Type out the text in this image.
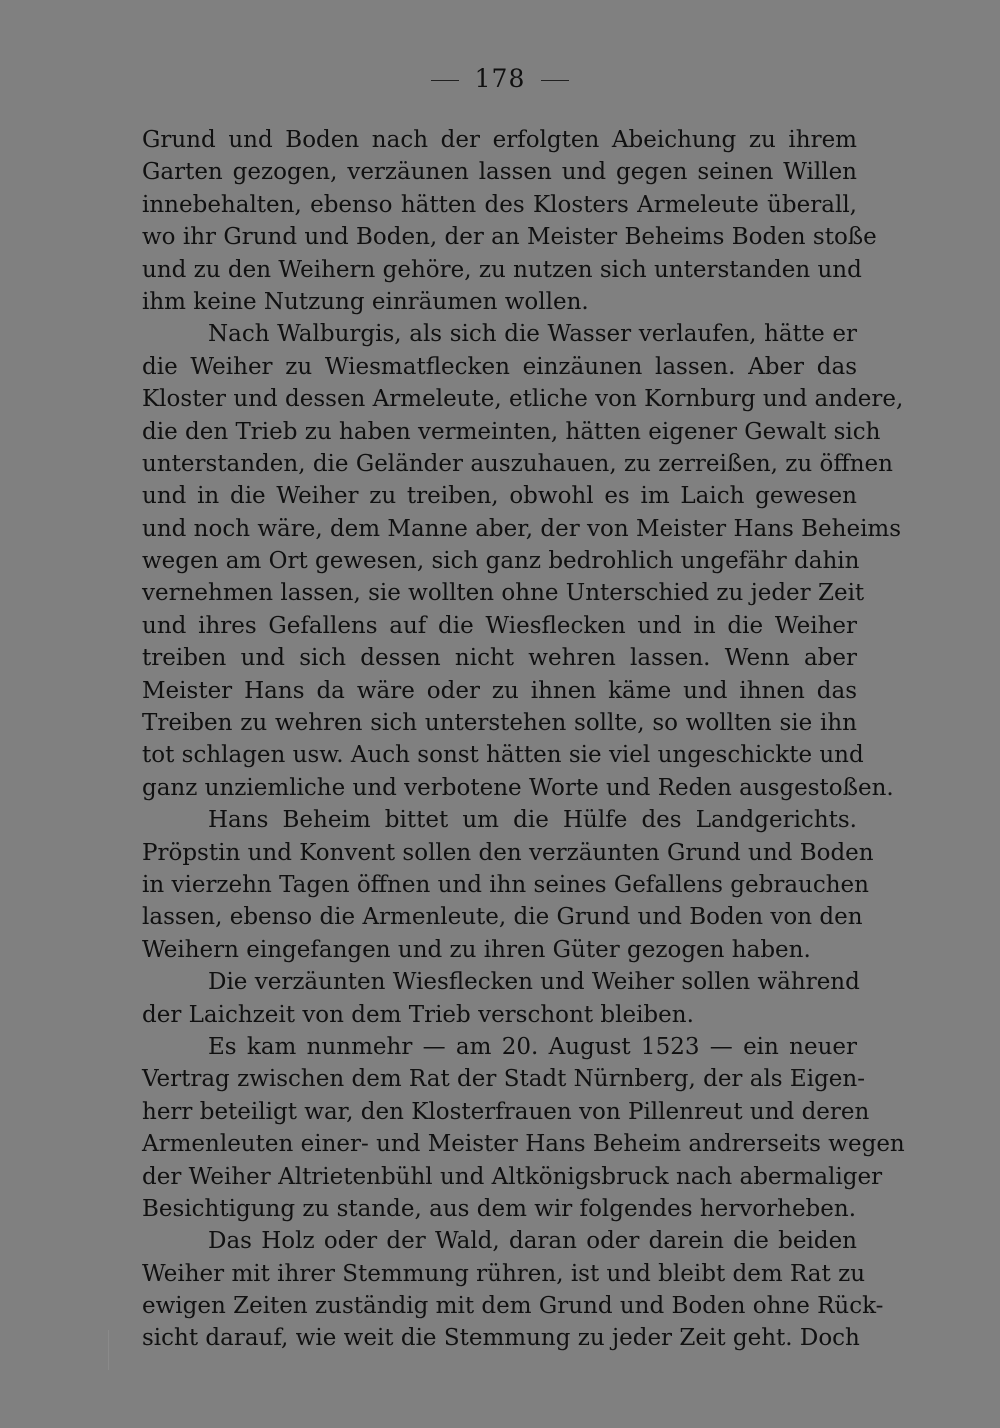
178
Grund und Boden nach der erfolgten Abeichung zu ihrem
Garten gezogen, verzäunen lassen und gegen seinen Willen
innebehalten, ebenso hätten des Klosters Armeleute überall,
wo ihr Grund und Boden, der an Meister Beheims Boden stoße
und zu den Weihern gehöre, zu nutzen sich unterstanden und
ihm keine Nutzung einräumen wollen.
Nach Walburgis, als sich die Wasser verlaufen, hätte er
die Weiher zu Wiesmatflecken einzäunen lassen. Aber das
Kloster und dessen Armeleute, etliche von Kornburg und andere,
die den Trieb zu haben vermeinten, hätten eigener Gewalt sich
unterstanden, die Geländer auszuhauen, zu zerreißen, zu öffnen
und in die Weiher zu treiben, obwohl es im Laich gewesen
und noch wäre, dem Manne aber, der von Meister Hans Beheims
wegen am Ort gewesen, sich ganz bedrohlich ungefähr dahin
vernehmen lassen, sie wollten ohne Unterschied zu jeder Zeit
und ihres Gefallens auf die Wiesflecken und in die Weiher
treiben und sich dessen nicht wehren lassen. Wenn aber
Meister Hans da wäre oder zu ihnen käme und ihnen das
Treiben zu wehren sich unterstehen sollte, so wollten sie ihn
tot schlagen usw. Auch sonst hätten sie viel ungeschickte und
ganz unziemliche und verbotene Worte und Reden ausgestoßen.
Hans Beheim bittet um die Hülfe des Landgerichts.
Pröpstin und Konvent sollen den verzäunten Grund und Boden
in vierzehn Tagen öffnen und ihn seines Gefallens gebrauchen
lassen, ebenso die Armenleute, die Grund und Boden von den
Weihern eingefangen und zu ihren Güter gezogen haben.
Die verzäunten Wiesflecken und Weiher sollen während
der Laichzeit von dem Trieb verschont bleiben.
Es kam nunmehr — am 20. August 1523 — ein neuer
Vertrag zwischen dem Rat der Stadt Nürnberg, der als Eigen-
herr beteiligt war, den Klosterfrauen von Pillenreut und deren
Armenleuten einer- und Meister Hans Beheim andrerseits wegen
der Weiher Altrietenbühl und Altkönigsbruck nach abermaliger
Besichtigung zu stande, aus dem wir folgendes hervorheben.
Das Holz oder der Wald, daran oder darein die beiden
Weiher mit ihrer Stemmung rühren, ist und bleibt dem Rat zu
ewigen Zeiten zuständig mit dem Grund und Boden ohne Rück-
sicht darauf, wie weit die Stemmung zu jeder Zeit geht. Doch
